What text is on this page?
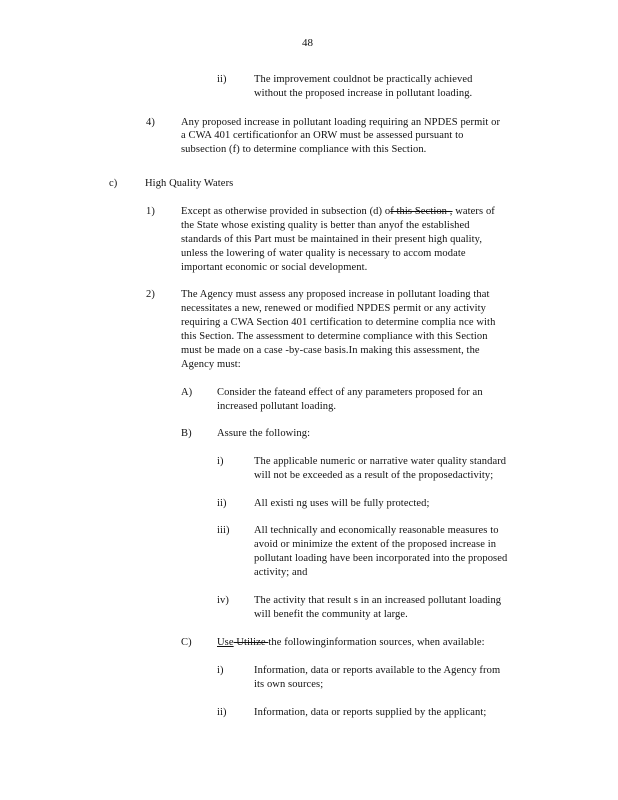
48
ii)	The improvement couldnot be practically achieved
without the proposed increase in pollutant loading.
4) Any proposed increase in pollutant loading requiring an NPDES permit or
a CWA 401 certificationfor an ORW must be assessed pursuant to
subsection (f) to determine compliance with this Section.
c)	High Quality Waters
1) Except as otherwise provided in subsection (d) of this Section , waters of
the State whose existing quality is better than anyof the established
standards of this Part must be maintained in their present high quality,
unless the lowering of water quality is necessary to accom modate
important economic or social development.
2) The Agency must assess any proposed increase in pollutant loading that
necessitates a new, renewed or modified NPDES permit or any activity
requiring a CWA Section 401 certification to determine complia nce with
this Section. The assessment to determine compliance with this Section
must be made on a case -by-case basis.In making this assessment, the
Agency must:
A) Consider the fateand effect of any parameters proposed for an
increased pollutant loading.
B) Assure the following:
i)	The applicable numeric or narrative water quality standard
will not be exceeded as a result of the proposedactivity;
ii)	All existi ng uses will be fully protected;
iii) All technically and economically reasonable measures to
avoid or minimize the extent of the proposed increase in
pollutant loading have been incorporated into the proposed
activity; and
iv) The activity that result s in an increased pollutant loading
will benefit the community at large.
C) Use Utilize the followinginformation sources, when available:
i)	Information, data or reports available to the Agency from
its own sources;
ii)	Information, data or reports supplied by the applicant;
